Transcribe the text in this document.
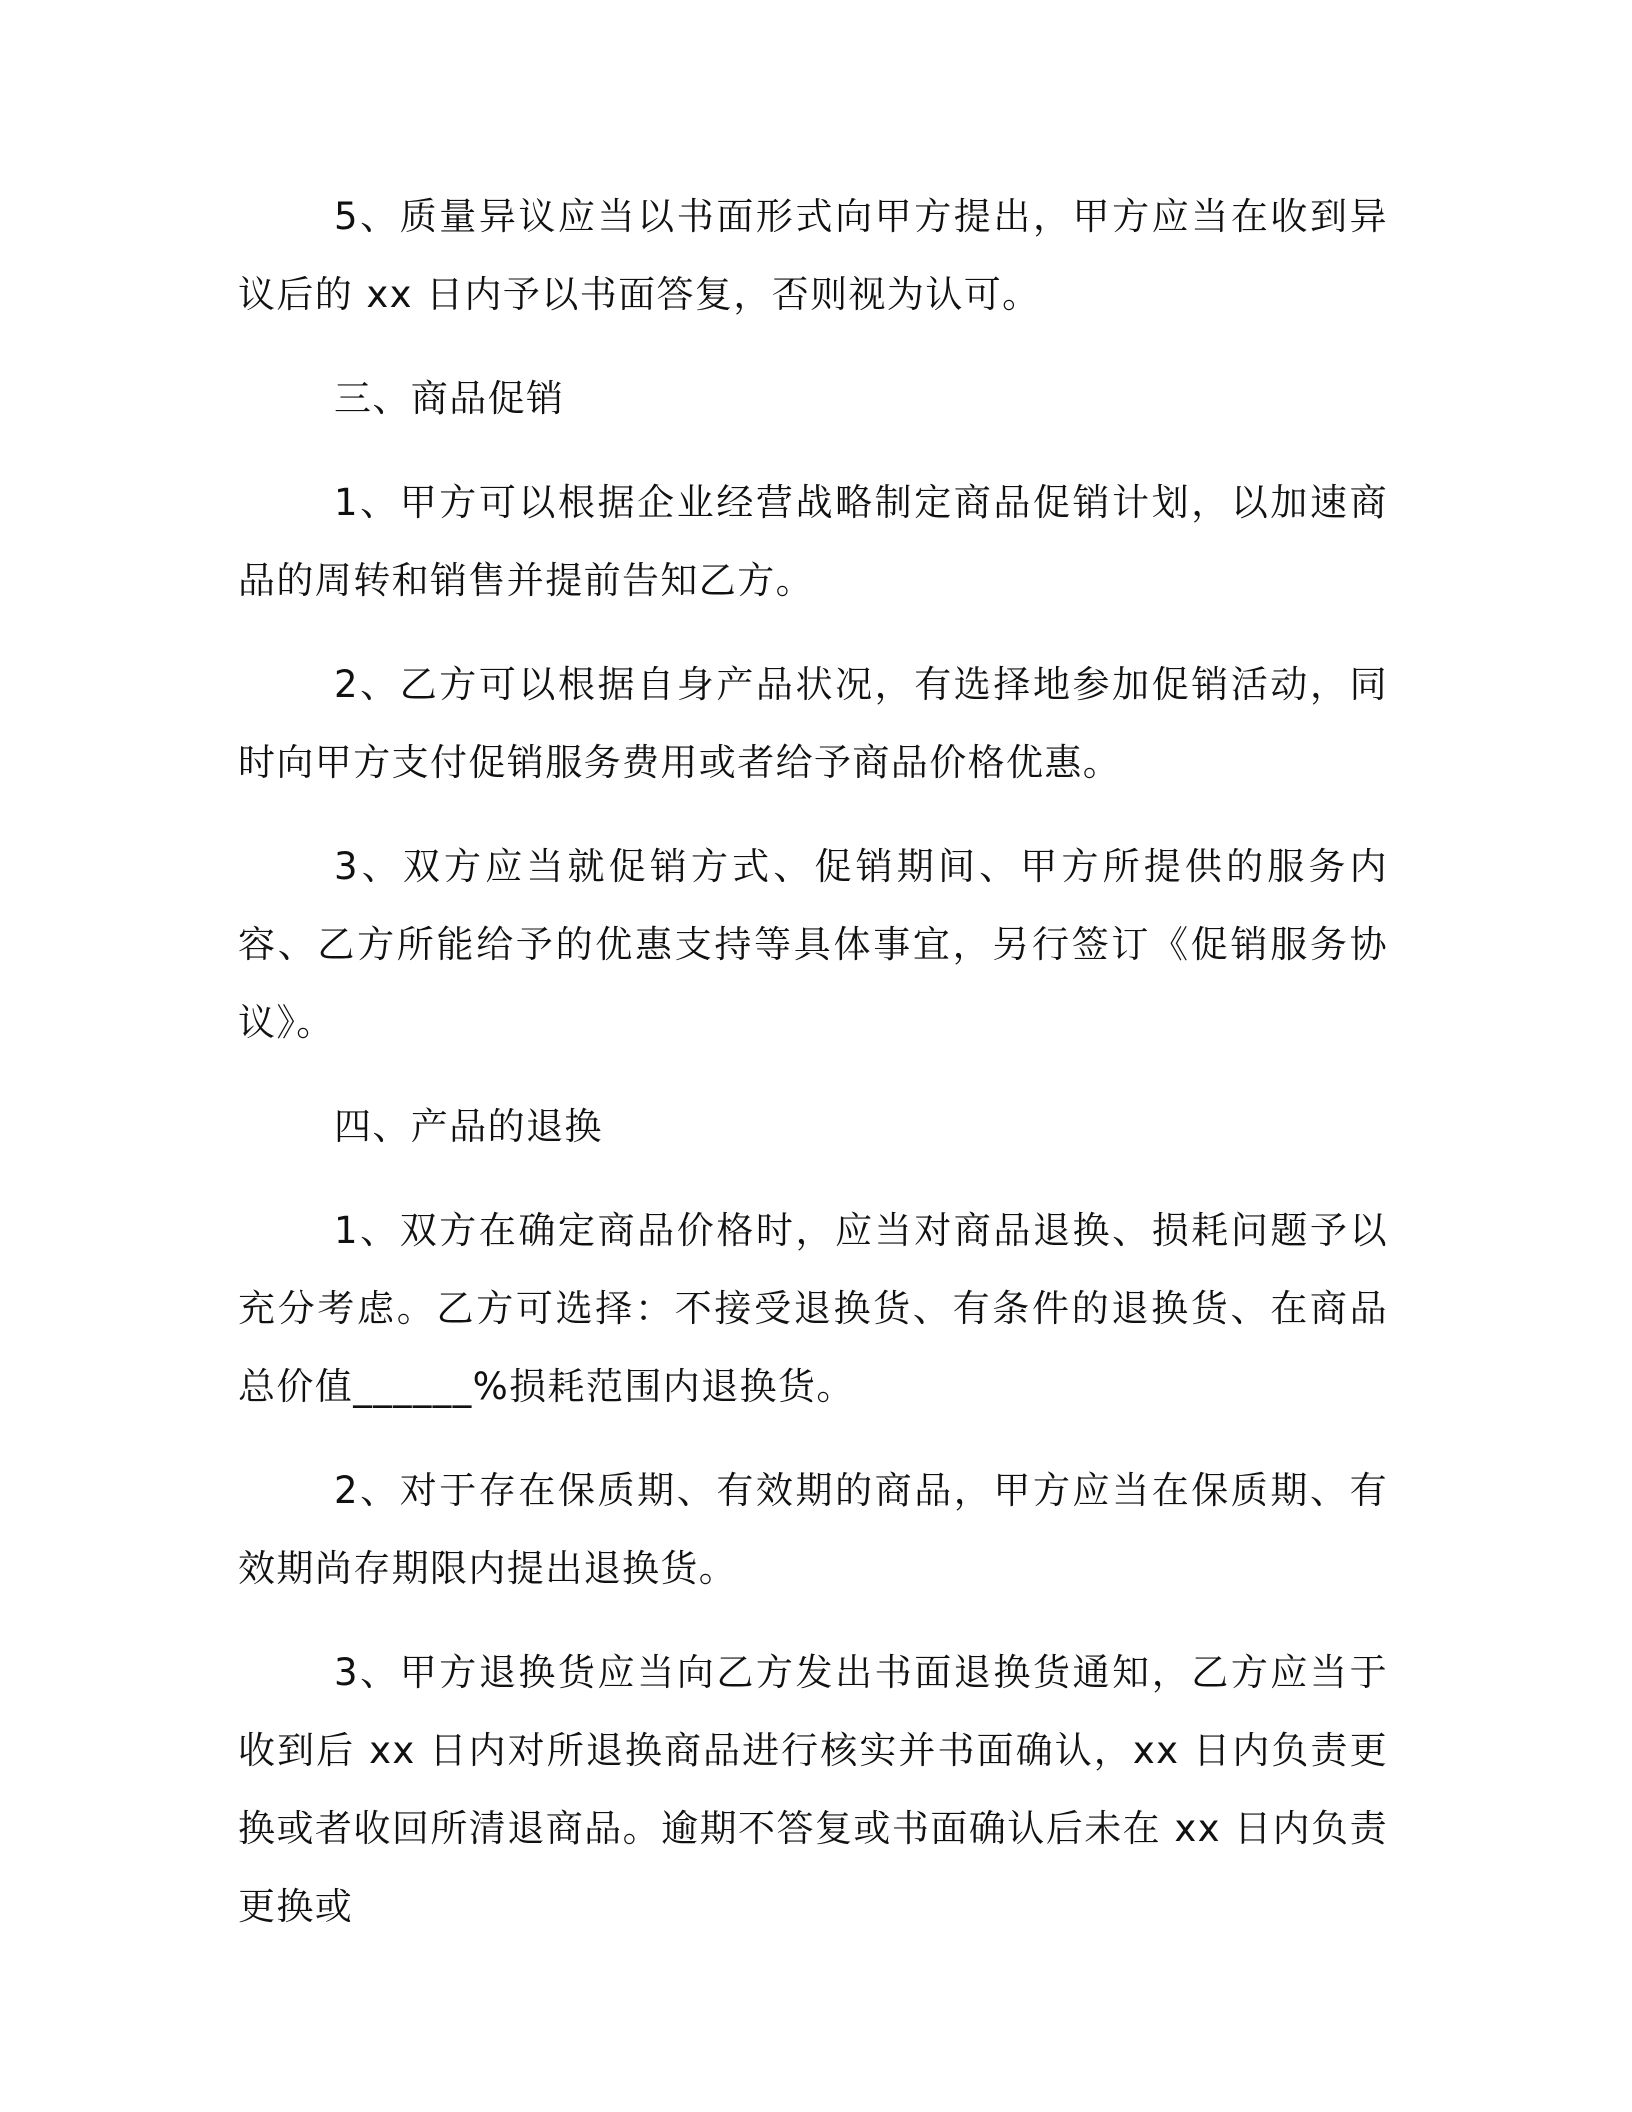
5、质量异议应当以书面形式向甲方提出，甲方应当在收到异议后的 xx 日内予以书面答复，否则视为认可。

三、商品促销

1、甲方可以根据企业经营战略制定商品促销计划，以加速商品的周转和销售并提前告知乙方。

2、乙方可以根据自身产品状况，有选择地参加促销活动，同时向甲方支付促销服务费用或者给予商品价格优惠。

3、双方应当就促销方式、促销期间、甲方所提供的服务内容、乙方所能给予的优惠支持等具体事宜，另行签订《促销服务协议》。

四、产品的退换

1、双方在确定商品价格时，应当对商品退换、损耗问题予以充分考虑。乙方可选择：不接受退换货、有条件的退换货、在商品总价值______%损耗范围内退换货。

2、对于存在保质期、有效期的商品，甲方应当在保质期、有效期尚存期限内提出退换货。

3、甲方退换货应当向乙方发出书面退换货通知，乙方应当于收到后 xx 日内对所退换商品进行核实并书面确认，xx 日内负责更换或者收回所清退商品。逾期不答复或书面确认后未在 xx 日内负责更换或
